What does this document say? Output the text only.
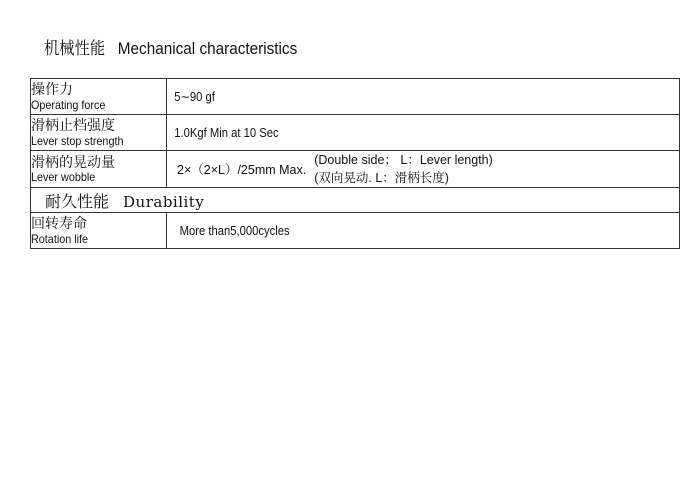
机械性能 Mechanical characteristics
操作力
Operating force	5∼90 gf

滑柄止档强度
Lever stop strength	1.0Kgf Min at 10 Sec

滑柄的晃动量
Lever wobble	2×（2×L）/25mm Max.
(Double side； L：Lever length)
(双向晃动. L：滑柄长度)

耐久性能 Durability	

回转寿命
Rotation life	More than5,000cycles
